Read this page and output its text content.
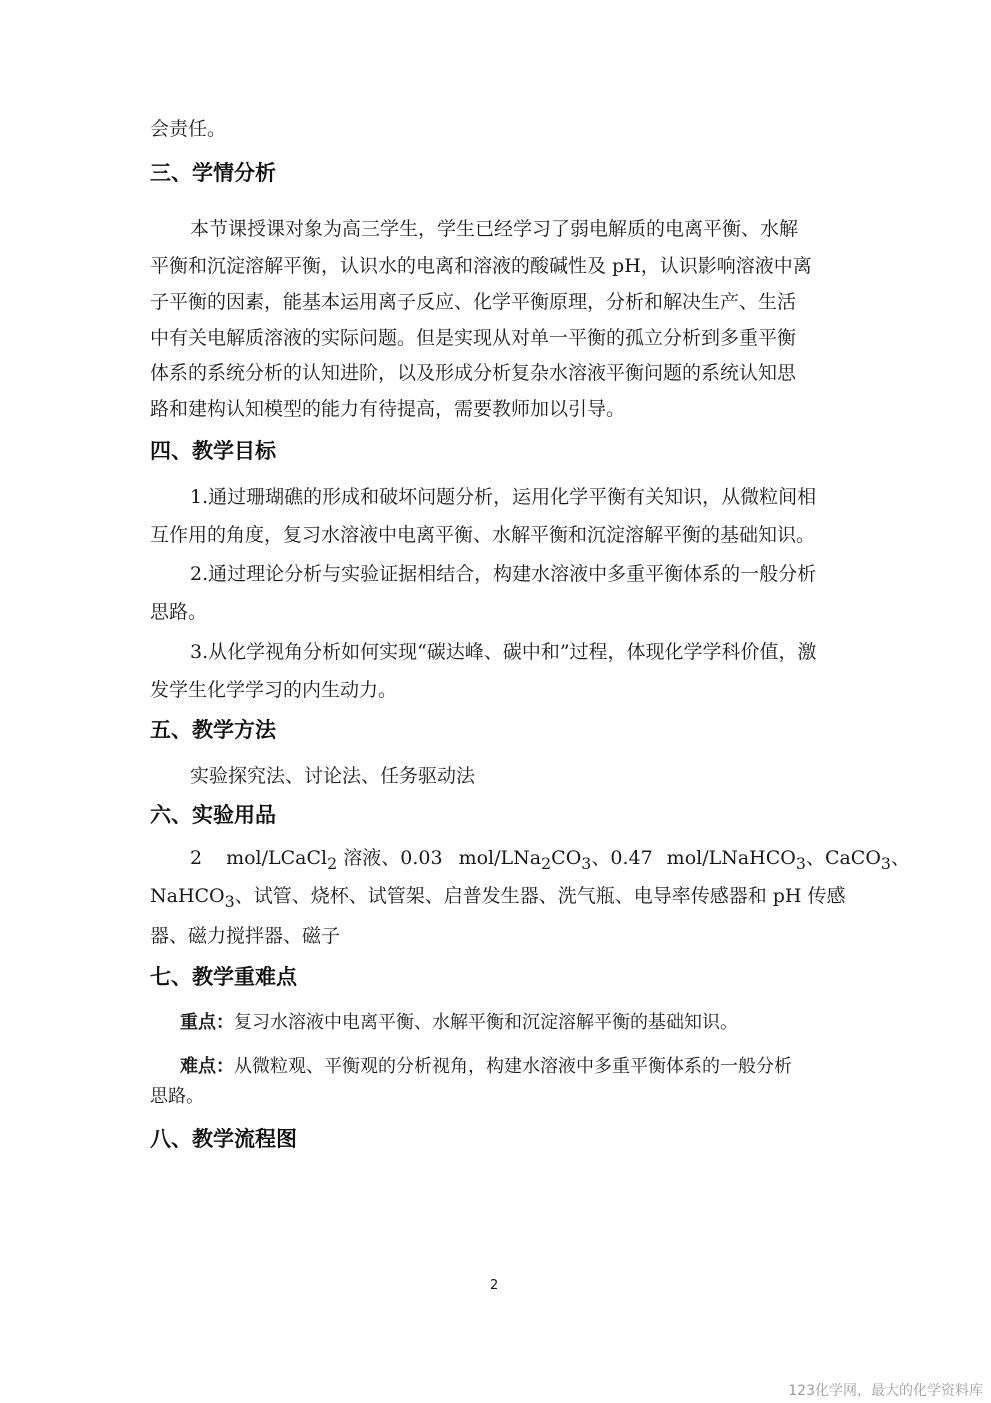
会责任。
三、学情分析
本节课授课对象为高三学生，学生已经学习了弱电解质的电离平衡、水解
平衡和沉淀溶解平衡，认识水的电离和溶液的酸碱性及 pH，认识影响溶液中离
子平衡的因素，能基本运用离子反应、化学平衡原理，分析和解决生产、生活
中有关电解质溶液的实际问题。但是实现从对单一平衡的孤立分析到多重平衡
体系的系统分析的认知进阶，以及形成分析复杂水溶液平衡问题的系统认知思
路和建构认知模型的能力有待提高，需要教师加以引导。
四、教学目标
1.通过珊瑚礁的形成和破坏问题分析，运用化学平衡有关知识，从微粒间相
互作用的角度，复习水溶液中电离平衡、水解平衡和沉淀溶解平衡的基础知识。
2.通过理论分析与实验证据相结合，构建水溶液中多重平衡体系的一般分析
思路。
3.从化学视角分析如何实现“碳达峰、碳中和”过程，体现化学学科价值，激
发学生化学学习的内生动力。
五、教学方法
实验探究法、讨论法、任务驱动法
六、实验用品
2 mol/LCaCl$_2$ 溶液、0.03 mol/$LNa_2CO_3$、0.47 mol/LNaHCO$_3$、CaCO$_3$、
NaHCO$_3$、试管、烧杯、试管架、启普发生器、洗气瓶、电导率传感器和 pH 传感
器、磁力搅拌器、磁子
七、教学重难点
重点：复习水溶液中电离平衡、水解平衡和沉淀溶解平衡的基础知识。
难点：从微粒观、平衡观的分析视角，构建水溶液中多重平衡体系的一般分析
思路。
八、教学流程图
2
123化学网，最大的化学资料库
